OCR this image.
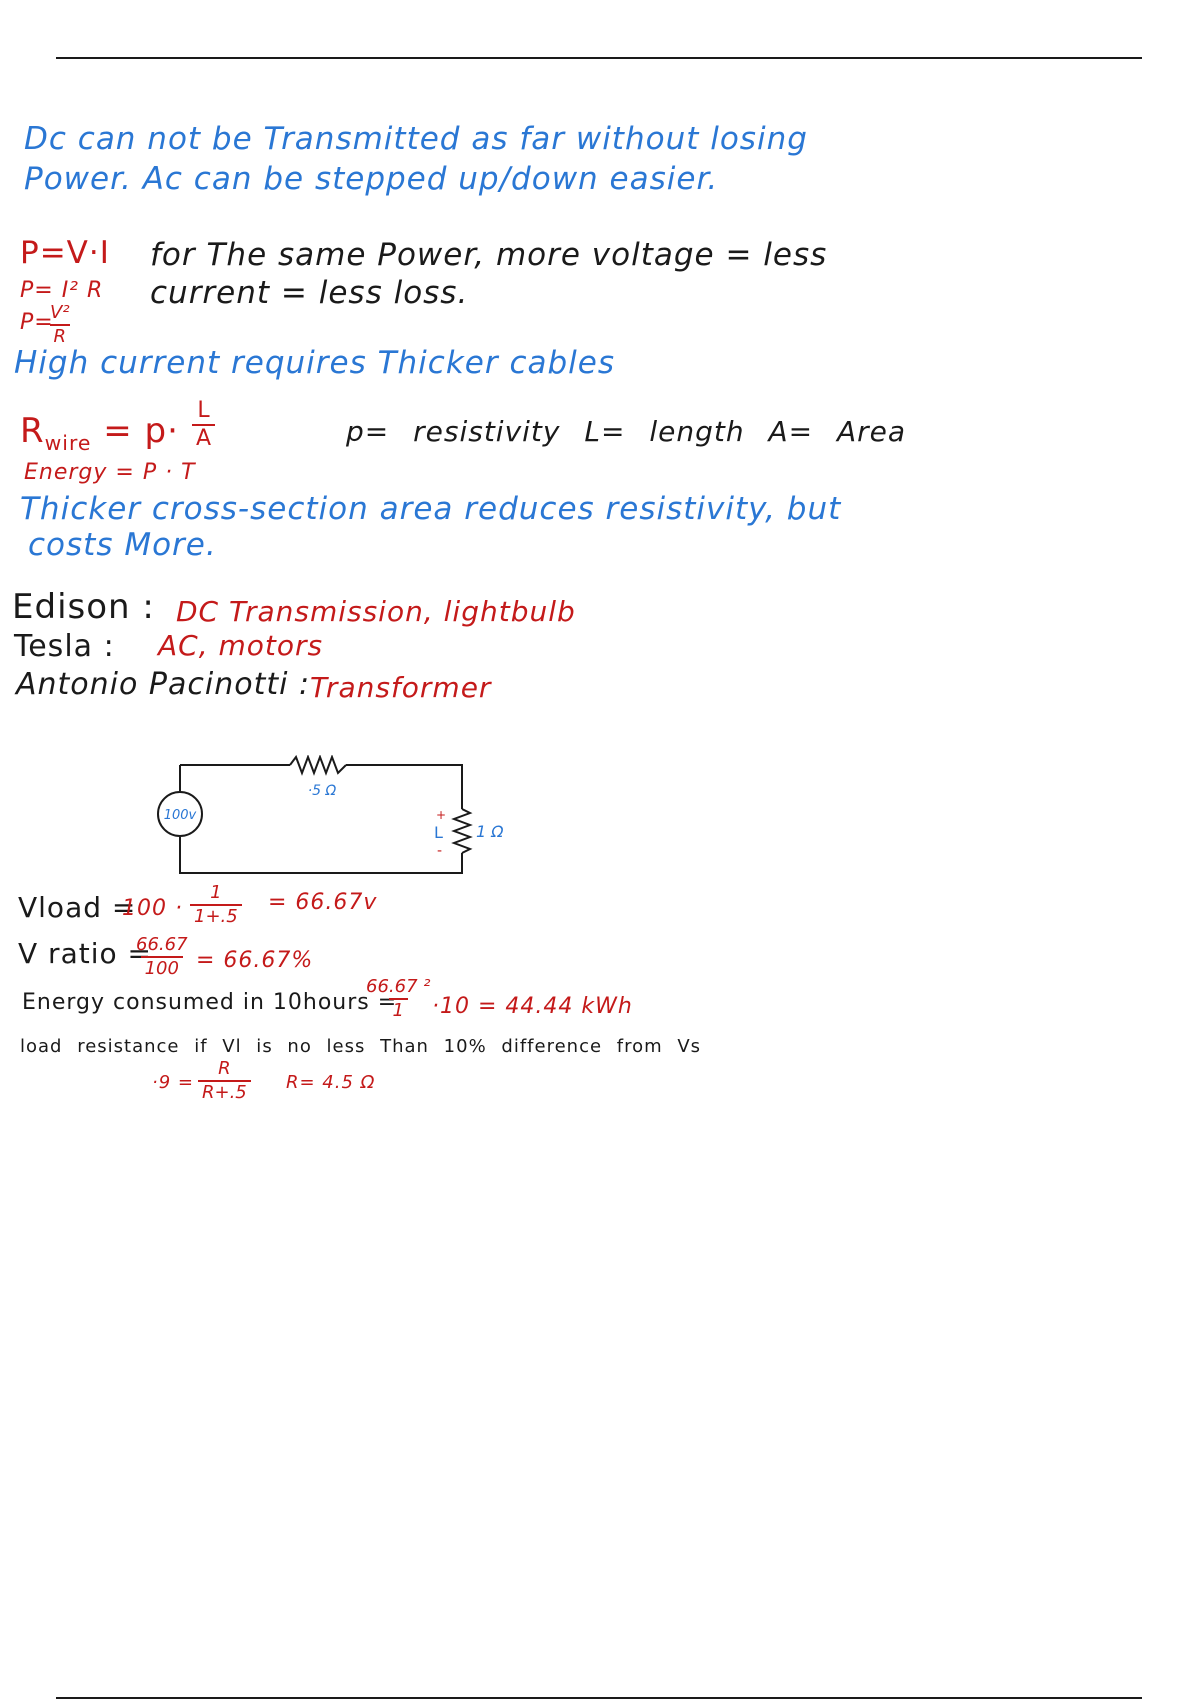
Dc can not be Transmitted as far without losing
Power. Ac can be stepped up/down easier.
P=V·I
P= I² R
P=
$\frac{\text{V²}}{R}$
for The same Power, more voltage = less
current = less loss.
High current requires Thicker cables
$R_{wire} = p\cdot \frac{L}{A}$	p= resistivity L= length A= Area
Energy = P · T
Thicker cross-section area reduces resistivity, but
costs More.
Edison : DC Transmission, lightbulb
Tesla : AC, motors
Antonio Pacinotti : Transformer
100v
·5 Ω
1 Ω
+
L
-
Vload =
$100 \cdot \frac{1}{1+.5} = 66.67v$
V ratio =
$\frac{66.67}{100} = 66.67\%$
Energy consumed in 10hours =
$\frac{\text{66.67 ²}}{1}$
·10 = 44.44 kWh
load resistance if Vl is no less Than 10% difference from Vs
$\cdot 9 = \frac{R}{R+.5} R= 4.5$ Ω
